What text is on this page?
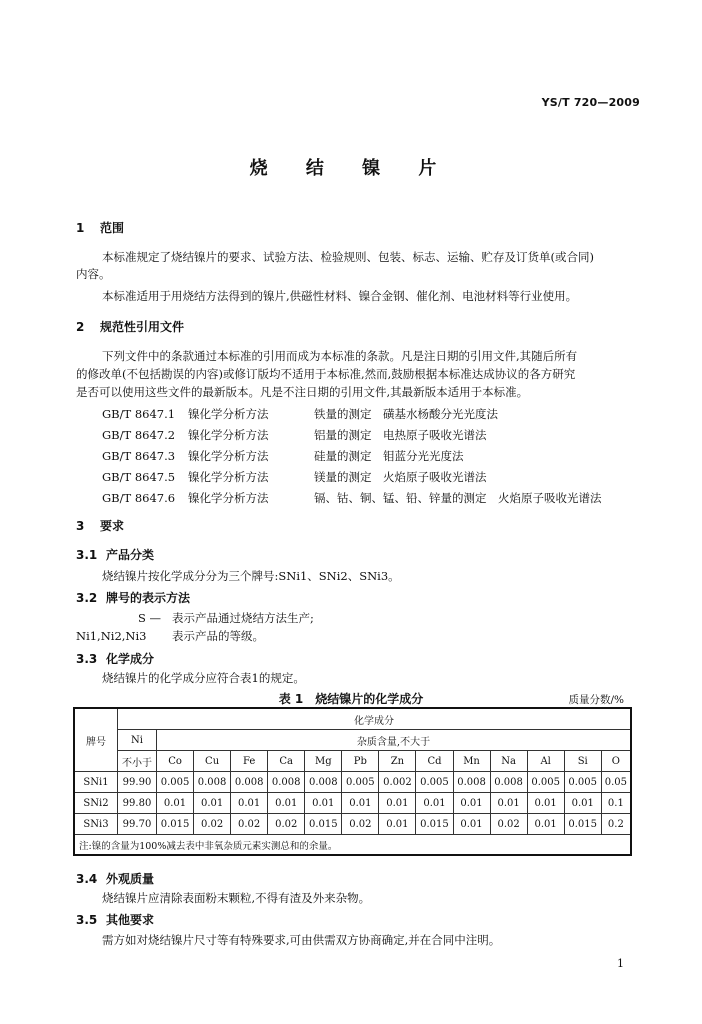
YS/T 720—2009
烧 结 镍 片
1 范围
本标准规定了烧结镍片的要求、试验方法、检验规则、包装、标志、运输、贮存及订货单(或合同)
内容。
本标准适用于用烧结方法得到的镍片,供磁性材料、镍合金钢、催化剂、电池材料等行业使用。
2 规范性引用文件
下列文件中的条款通过本标准的引用而成为本标准的条款。凡是注日期的引用文件,其随后所有
的修改单(不包括勘误的内容)或修订版均不适用于本标准,然而,鼓励根据本标准达成协议的各方研究
是否可以使用这些文件的最新版本。凡是不注日期的引用文件,其最新版本适用于本标准。
GB/T 8647.1 镍化学分析方法	铁量的测定　磺基水杨酸分光光度法
GB/T 8647.2 镍化学分析方法	铝量的测定　电热原子吸收光谱法
GB/T 8647.3 镍化学分析方法	硅量的测定　钼蓝分光光度法
GB/T 8647.5 镍化学分析方法	镁量的测定　火焰原子吸收光谱法
GB/T 8647.6 镍化学分析方法	镉、钴、铜、锰、铅、锌量的测定　火焰原子吸收光谱法
3 要求
3.1 产品分类
烧结镍片按化学成分分为三个牌号:SNi1、SNi2、SNi3。
3.2 牌号的表示方法
S — 表示产品通过烧结方法生产;
Ni1,Ni2,Ni3 表示产品的等级。
3.3 化学成分
烧结镍片的化学成分应符合表1的规定。
表 1　烧结镍片的化学成分	质量分数/%
牌号	化学成分													
	Ni	杂质含量,不大于												
	不小于	Co	Cu	Fe	Ca	Mg	Pb	Zn	Cd	Mn	Na	Al	Si	O
SNi1	99.90	0.005	0.008	0.008	0.008	0.008	0.005	0.002	0.005	0.008	0.008	0.005	0.005	0.05
SNi2	99.80	0.01	0.01	0.01	0.01	0.01	0.01	0.01	0.01	0.01	0.01	0.01	0.01	0.1
SNi3	99.70	0.015	0.02	0.02	0.02	0.015	0.02	0.01	0.015	0.01	0.02	0.01	0.015	0.2
注:镍的含量为100%减去表中非氧杂质元素实测总和的余量。														
3.4 外观质量
烧结镍片应清除表面粉末颗粒,不得有渣及外来杂物。
3.5 其他要求
需方如对烧结镍片尺寸等有特殊要求,可由供需双方协商确定,并在合同中注明。
1
